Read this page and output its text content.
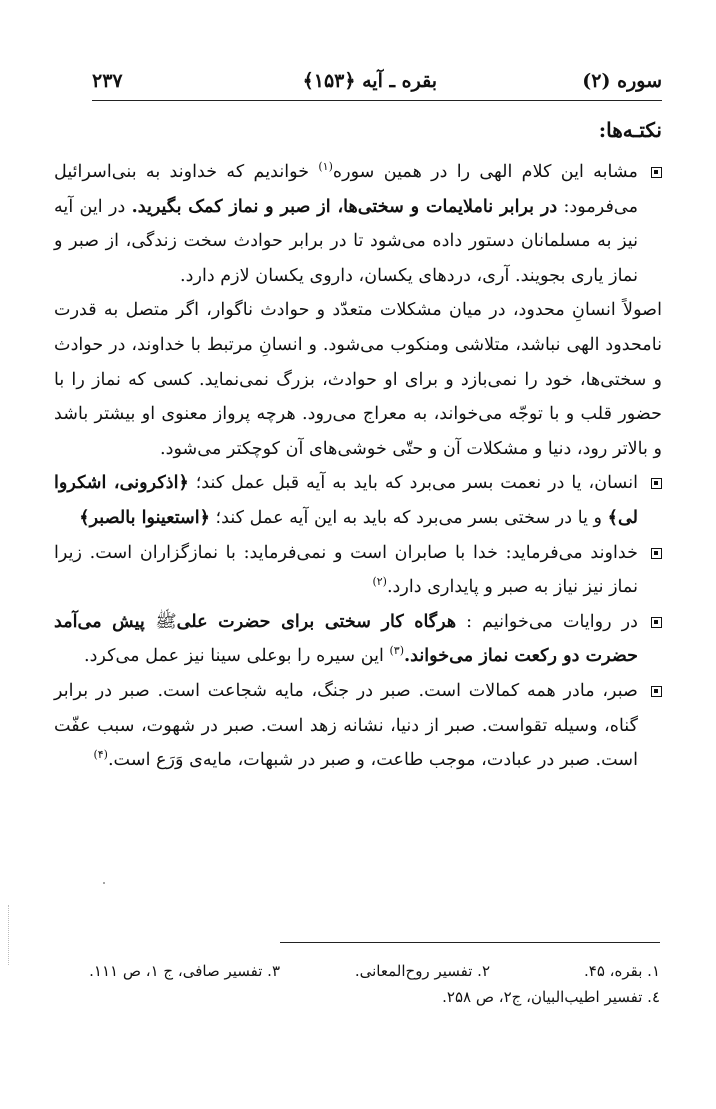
سوره (۲)
بقره ـ آیه ﴿۱۵۳﴾
۲۳۷
نکتـه‌ها:

مشابه این کلام الهی را در همین سوره$^{(۱)}$ خواندیم که خداوند به بنی‌اسرائیل می‌فرمود: در برابر ناملایمات و سختی‌ها، از صبر و نماز کمک بگیرید. در این آیه نیز به مسلمانان دستور داده می‌شود تا در برابر حوادث سخت زندگی، از صبر و نماز یاری بجویند. آری، دردهای یکسان، داروی یکسان لازم دارد.

اصولاً انسانِ محدود، در میان مشکلات متعدّد و حوادث ناگوار، اگر متصل به قدرت نامحدود الهی نباشد، متلاشی ومنکوب می‌شود. و انسانِ مرتبط با خداوند، در حوادث و سختی‌ها، خود را نمی‌بازد و برای او حوادث، بزرگ نمی‌نماید. کسی که نماز را با حضور قلب و با توجّه می‌خواند، به معراج می‌رود. هرچه پرواز معنوی او بیشتر باشد و بالاتر رود، دنیا و مشکلات آن و حتّی خوشی‌های آن کوچکتر می‌شود.

انسان، یا در نعمت بسر می‌برد که باید به آیه قبل عمل کند؛ ﴿اذکرونی، اشکروا لی﴾ و یا در سختی بسر می‌برد که باید به این آیه عمل کند؛ ﴿استعینوا بالصبر﴾

خداوند می‌فرماید: خدا با صابران است و نمی‌فرماید: با نمازگزاران است. زیرا نماز نیز نیاز به صبر و پایداری دارد.$^{(۲)}$

در روایات می‌خوانیم : هرگاه کار سختی برای حضرت علیﷺ پیش می‌آمد حضرت دو رکعت نماز می‌خواند.$^{(۳)}$ این سیره را بوعلی سینا نیز عمل می‌کرد.

صبر، مادر همه کمالات است. صبر در جنگ، مایه شجاعت است. صبر در برابر گناه، وسیله تقواست. صبر از دنیا، نشانه زهد است. صبر در شهوت، سبب عفّت است. صبر در عبادت، موجب طاعت، و صبر در شبهات، مایه‌ی وَرَع است.$^{(۴)}$

۱. بقره، ۴۵.
۲. تفسیر روح‌المعانی.
۳. تفسیر صافی، ج ۱، ص ۱۱۱.
٤. تفسیر اطیب‌البیان، ج۲، ص ۲۵۸.
